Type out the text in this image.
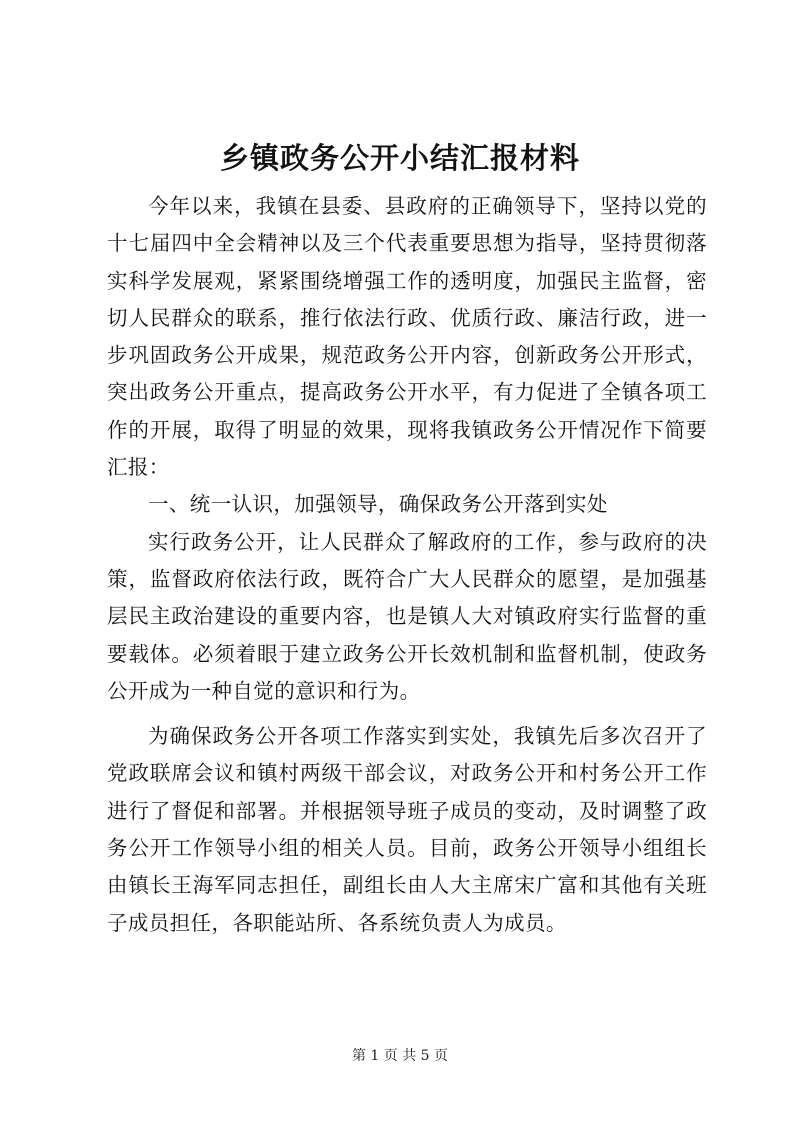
乡镇政务公开小结汇报材料

今年以来，我镇在县委、县政府的正确领导下，坚持以党的十七届四中全会精神以及三个代表重要思想为指导，坚持贯彻落实科学发展观，紧紧围绕增强工作的透明度，加强民主监督，密切人民群众的联系，推行依法行政、优质行政、廉洁行政，进一步巩固政务公开成果，规范政务公开内容，创新政务公开形式，突出政务公开重点，提高政务公开水平，有力促进了全镇各项工作的开展，取得了明显的效果，现将我镇政务公开情况作下简要汇报：

一、统一认识，加强领导，确保政务公开落到实处

实行政务公开，让人民群众了解政府的工作，参与政府的决策，监督政府依法行政，既符合广大人民群众的愿望，是加强基层民主政治建设的重要内容，也是镇人大对镇政府实行监督的重要载体。必须着眼于建立政务公开长效机制和监督机制，使政务公开成为一种自觉的意识和行为。

为确保政务公开各项工作落实到实处，我镇先后多次召开了党政联席会议和镇村两级干部会议，对政务公开和村务公开工作进行了督促和部署。并根据领导班子成员的变动，及时调整了政务公开工作领导小组的相关人员。目前，政务公开领导小组组长由镇长王海军同志担任，副组长由人大主席宋广富和其他有关班子成员担任，各职能站所、各系统负责人为成员。

第 1 页 共 5 页
